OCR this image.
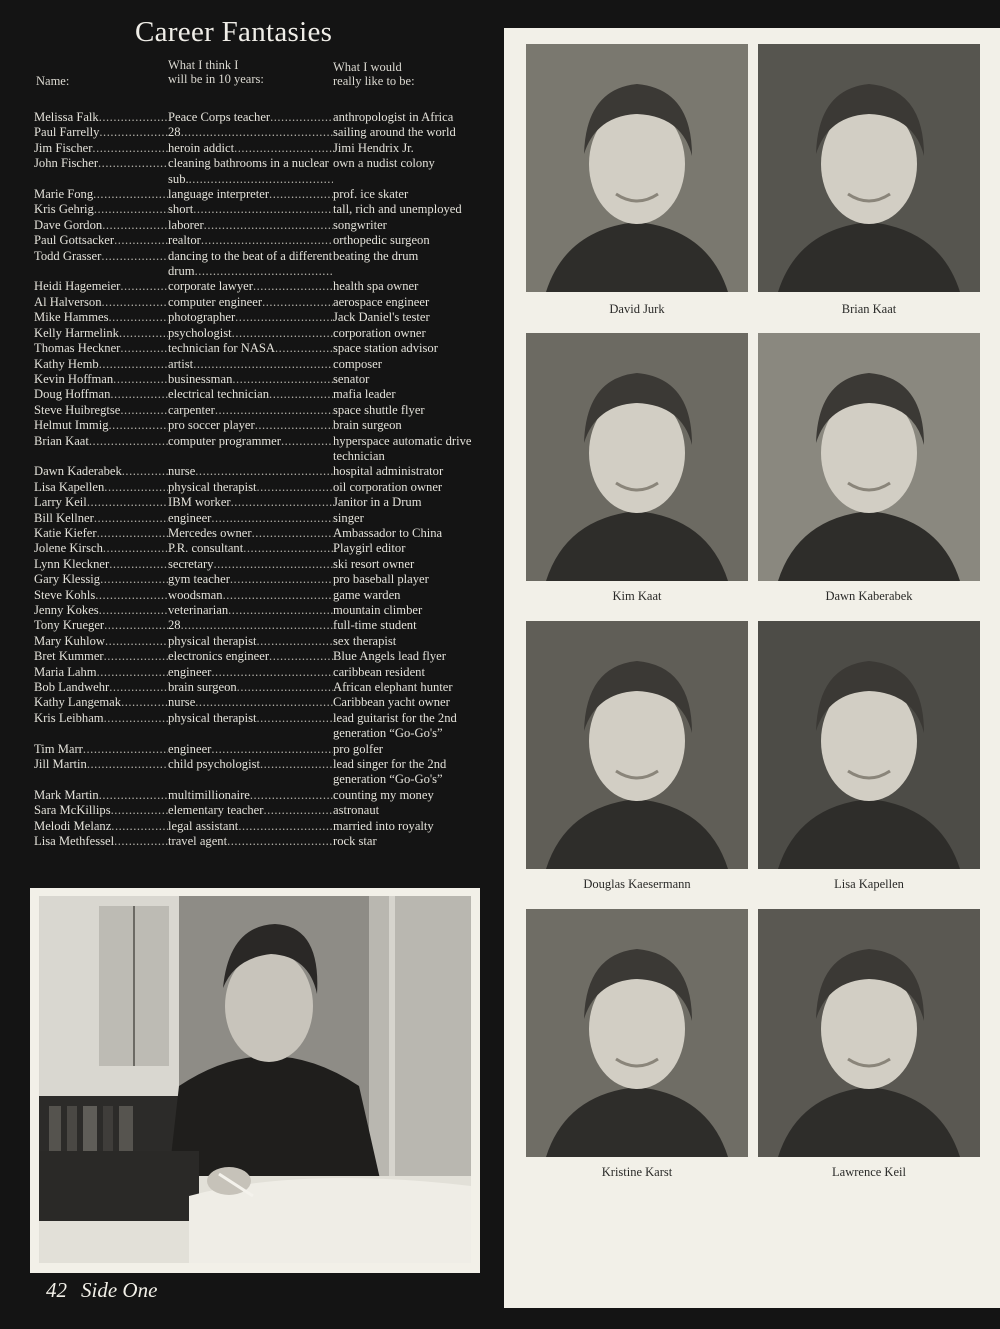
Career Fantasies
Name:
What I think I
will be in 10 years:
What I would
really like to be:
Melissa Falk .....	Peace Corps teacher .....	anthropologist in Africa
Paul Farrelly .....	28 .....	sailing around the world
Jim Fischer .....	heroin addict .....	Jimi Hendrix Jr.
John Fischer .....	cleaning bathrooms in a nuclear sub. .....
own a nudist colony
Marie Fong .....	language interpreter .....	prof. ice skater
Kris Gehrig .....	short .....	tall, rich and unemployed
Dave Gordon .....	laborer .....	songwriter
Paul Gottsacker .....	realtor .....	orthopedic surgeon
Todd Grasser .....	dancing to the beat of a different drum .....
beating the drum
Heidi Hagemeier .....	corporate lawyer .....	health spa owner
Al Halverson .....	computer engineer .....	aerospace engineer
Mike Hammes .....	photographer .....	Jack Daniel's tester
Kelly Harmelink .....	psychologist .....	corporation owner
Thomas Heckner .....	technician for NASA .....	space station advisor
Kathy Hemb .....	artist .....	composer
Kevin Hoffman .....	businessman .....	senator
Doug Hoffman .....	electrical technician .....	mafia leader
Steve Huibregtse .....	carpenter .....	space shuttle flyer
Helmut Immig .....	pro soccer player .....	brain surgeon
Brian Kaat .....	computer programmer .....	hyperspace automatic drive technician
Dawn Kaderabek .....	nurse .....	hospital administrator
Lisa Kapellen .....	physical therapist .....	oil corporation owner
Larry Keil .....	IBM worker .....	Janitor in a Drum
Bill Kellner .....	engineer .....	singer
Katie Kiefer .....	Mercedes owner .....	Ambassador to China
Jolene Kirsch .....	P.R. consultant .....	Playgirl editor
Lynn Kleckner .....	secretary .....	ski resort owner
Gary Klessig .....	gym teacher .....	pro baseball player
Steve Kohls .....	woodsman .....	game warden
Jenny Kokes .....	veterinarian .....	mountain climber
Tony Krueger .....	28 .....	full-time student
Mary Kuhlow .....	physical therapist .....	sex therapist
Bret Kummer .....	electronics engineer .....	Blue Angels lead flyer
Maria Lahm .....	engineer .....	caribbean resident
Bob Landwehr .....	brain surgeon .....	African elephant hunter
Kathy Langemak .....	nurse .....	Caribbean yacht owner
Kris Leibham .....	physical therapist .....	lead guitarist for the 2nd generation “Go-Go's”
Tim Marr .....	engineer .....	pro golfer
Jill Martin .....	child psychologist .....	lead singer for the 2nd generation “Go-Go's”
Mark Martin .....	multimillionaire .....	counting my money
Sara McKillips .....	elementary teacher .....	astronaut
Melodi Melanz .....	legal assistant .....	married into royalty
Lisa Methfessel .....	travel agent .....	rock star
David Jurk	Brian Kaat
Kim Kaat	Dawn Kaberabek
Douglas Kaesermann	Lisa Kapellen
Kristine Karst	Lawrence Keil
42 Side One
